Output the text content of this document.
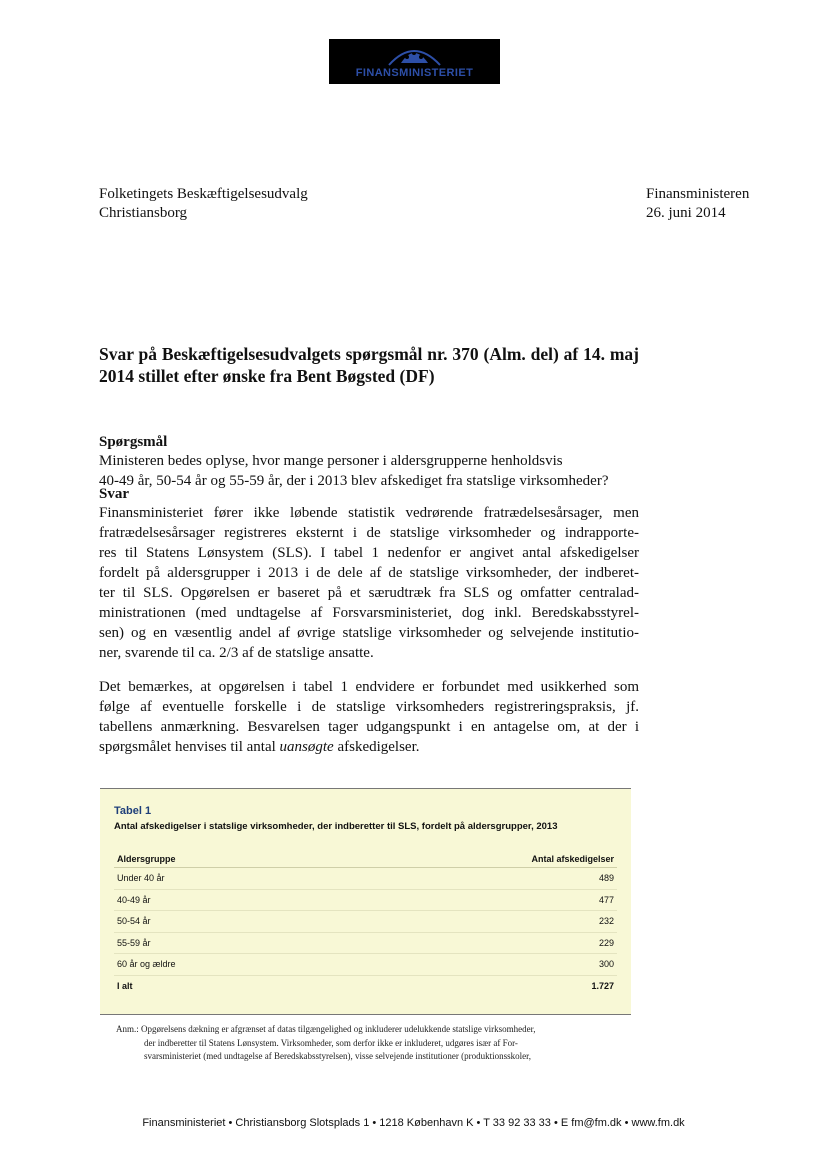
FINANSMINISTERIET
Folketingets Beskæftigelsesudvalg
Christiansborg
Finansministeren
26. juni 2014
Svar på Beskæftigelsesudvalgets spørgsmål nr. 370 (Alm. del) af 14. maj 2014 stillet efter ønske fra Bent Bøgsted (DF)
Spørgsmål
Ministeren bedes oplyse, hvor mange personer i aldersgrupperne henholdsvis
40-49 år, 50-54 år og 55-59 år, der i 2013 blev afskediget fra statslige virksomheder?
Svar
Finansministeriet fører ikke løbende statistik vedrørende fratrædelsesårsager, men
fratrædelsesårsager registreres eksternt i de statslige virksomheder og indrapporte-
res til Statens Lønsystem (SLS). I tabel 1 nedenfor er angivet antal afskedigelser
fordelt på aldersgrupper i 2013 i de dele af de statslige virksomheder, der indberet-
ter til SLS. Opgørelsen er baseret på et særudtræk fra SLS og omfatter centralad-
ministrationen (med undtagelse af Forsvarsministeriet, dog inkl. Beredskabsstyrel-
sen) og en væsentlig andel af øvrige statslige virksomheder og selvejende institutio-
ner, svarende til ca. 2/3 af de statslige ansatte.
Det bemærkes, at opgørelsen i tabel 1 endvidere er forbundet med usikkerhed som
følge af eventuelle forskelle i de statslige virksomheders registreringspraksis, jf.
tabellens anmærkning. Besvarelsen tager udgangspunkt i en antagelse om, at der i
spørgsmålet henvises til antal uansøgte afskedigelser.
Tabel 1
Antal afskedigelser i statslige virksomheder, der indberetter til SLS, fordelt på aldersgrupper, 2013
Aldersgruppe	Antal afskedigelser
Under 40 år	489
40-49 år	477
50-54 år	232
55-59 år	229
60 år og ældre	300
I alt	1.727
Anm.: Opgørelsens dækning er afgrænset af datas tilgængelighed og inkluderer udelukkende statslige virksomheder,
der indberetter til Statens Lønsystem. Virksomheder, som derfor ikke er inkluderet, udgøres især af For-
svarsministeriet (med undtagelse af Beredskabsstyrelsen), visse selvejende institutioner (produktionsskoler,
Finansministeriet • Christiansborg Slotsplads 1 • 1218 København K • T 33 92 33 33 • E fm@fm.dk • www.fm.dk
